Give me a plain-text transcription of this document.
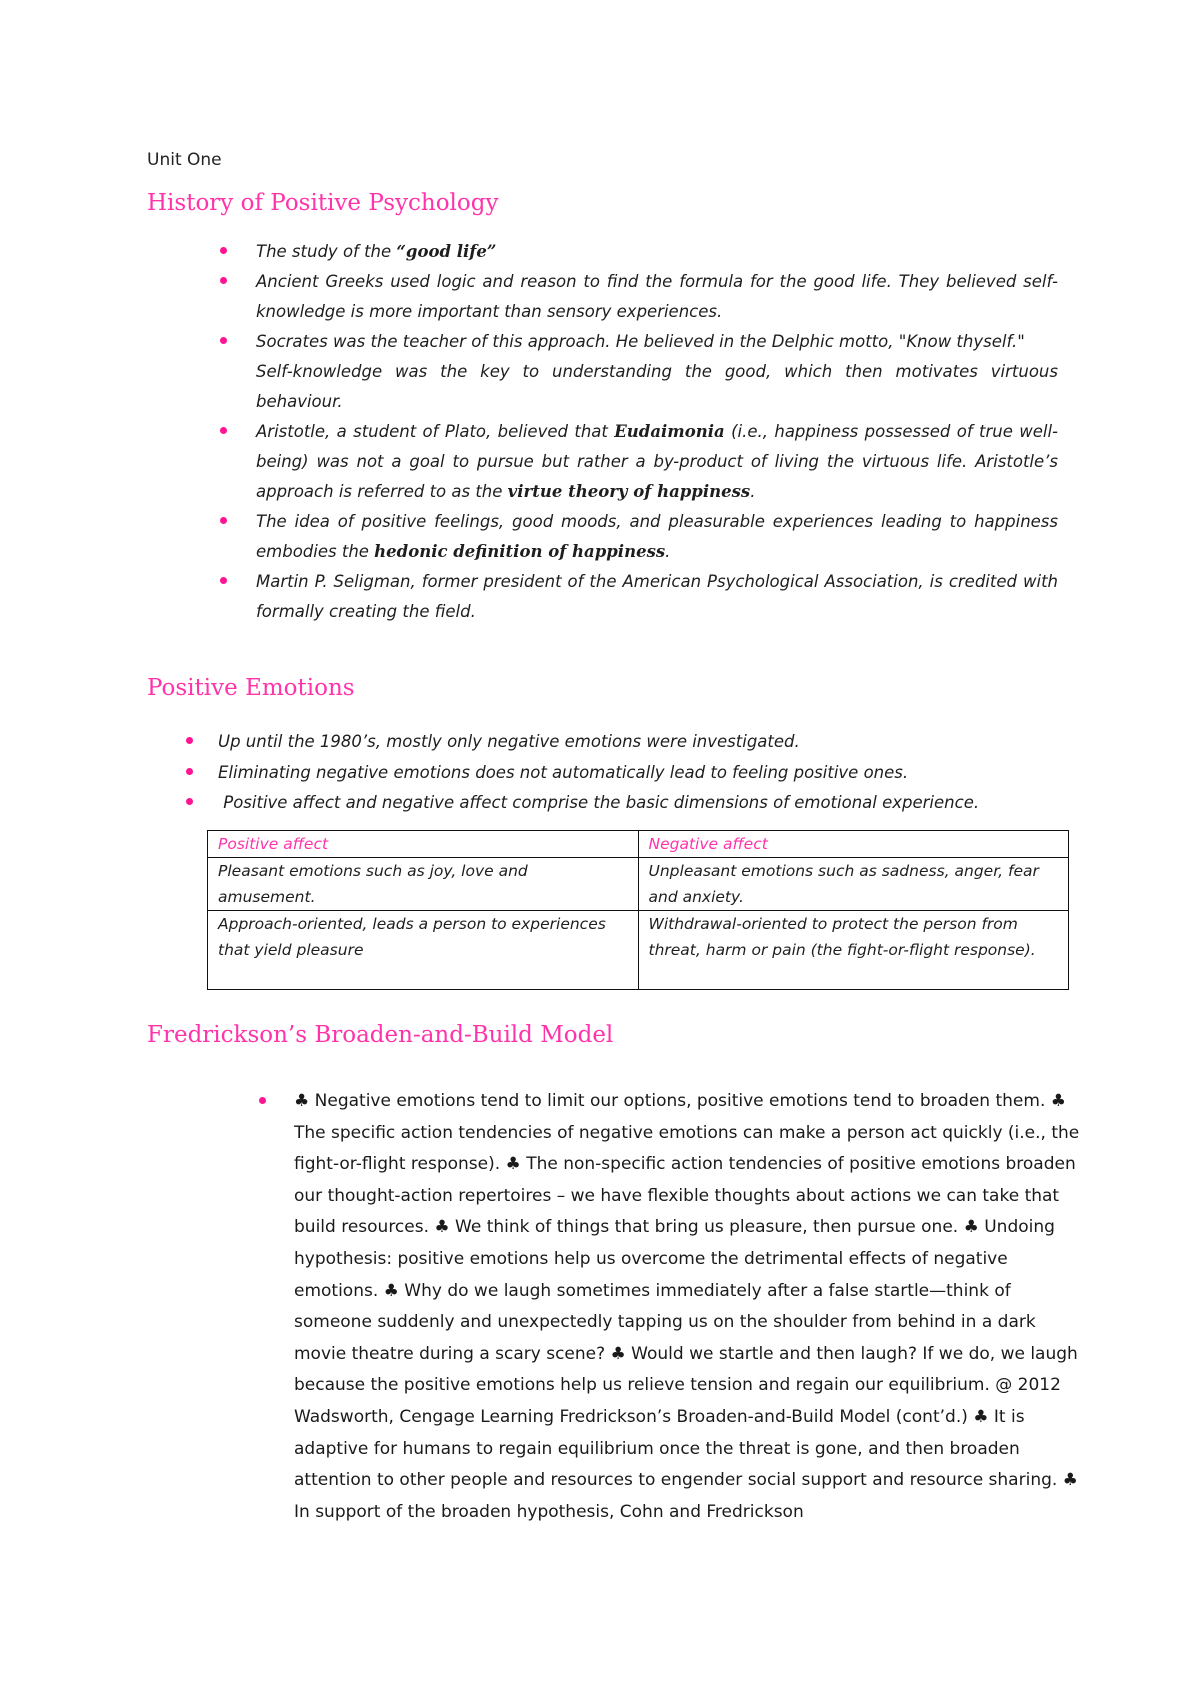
Unit One
History of Positive Psychology
The study of the “good life”
Ancient Greeks used logic and reason to find the formula for the good life. They believed self-knowledge is more important than sensory experiences.
Socrates was the teacher of this approach. He believed in the Delphic motto, "Know thyself."
Self-knowledge was the key to understanding the good, which then motivates virtuous behaviour.
Aristotle, a student of Plato, believed that Eudaimonia (i.e., happiness possessed of true well-being) was not a goal to pursue but rather a by-product of living the virtuous life. Aristotle’s approach is referred to as the virtue theory of happiness.
The idea of positive feelings, good moods, and pleasurable experiences leading to happiness embodies the hedonic definition of happiness.
Martin P. Seligman, former president of the American Psychological Association, is credited with formally creating the field.
Positive Emotions
Up until the 1980’s, mostly only negative emotions were investigated.
Eliminating negative emotions does not automatically lead to feeling positive ones.
Positive affect and negative affect comprise the basic dimensions of emotional experience.
Positive affect	Negative affect
Pleasant emotions such as joy, love and amusement.	Unpleasant emotions such as sadness, anger, fear and anxiety.
Approach-oriented, leads a person to experiences that yield pleasure	Withdrawal-oriented to protect the person from threat, harm or pain (the fight-or-flight response).
Fredrickson’s Broaden-and-Build Model
♣ Negative emotions tend to limit our options, positive emotions tend to broaden them. ♣ The specific action tendencies of negative emotions can make a person act quickly (i.e., the fight-or-flight response). ♣ The non-specific action tendencies of positive emotions broaden our thought-action repertoires – we have flexible thoughts about actions we can take that build resources. ♣ We think of things that bring us pleasure, then pursue one. ♣ Undoing hypothesis: positive emotions help us overcome the detrimental effects of negative emotions. ♣ Why do we laugh sometimes immediately after a false startle—think of someone suddenly and unexpectedly tapping us on the shoulder from behind in a dark movie theatre during a scary scene? ♣ Would we startle and then laugh? If we do, we laugh because the positive emotions help us relieve tension and regain our equilibrium. @ 2012 Wadsworth, Cengage Learning Fredrickson’s Broaden-and-Build Model (cont’d.) ♣ It is adaptive for humans to regain equilibrium once the threat is gone, and then broaden attention to other people and resources to engender social support and resource sharing. ♣ In support of the broaden hypothesis, Cohn and Fredrickson
